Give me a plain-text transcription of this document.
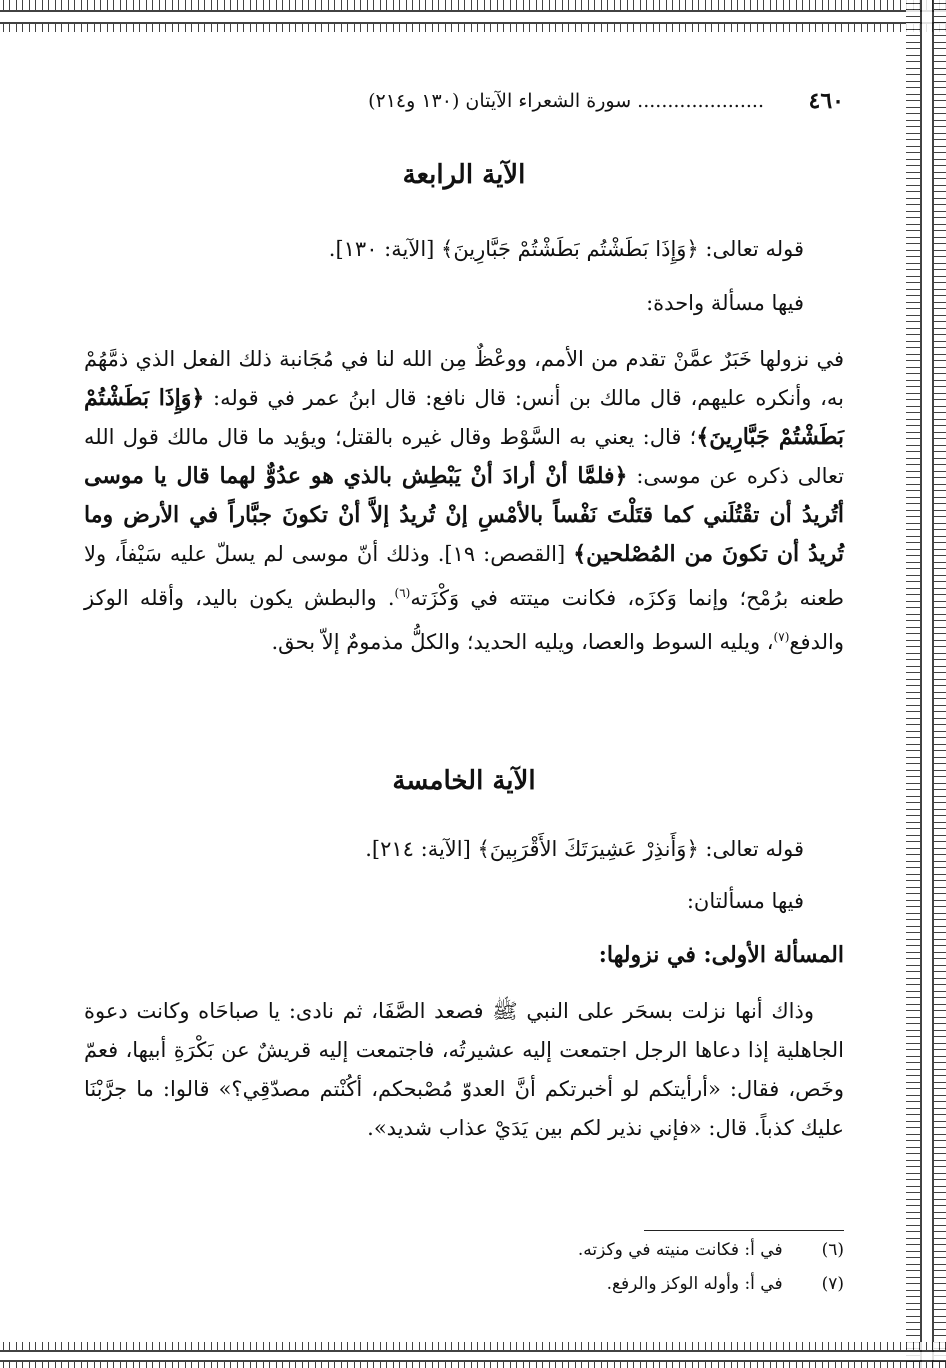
٤٦٠
..................... سورة الشعراء الآيتان (١٣٠ و٢١٤)
الآية الرابعة
قوله تعالى: ﴿وَإِذَا بَطَشْتُم بَطَشْتُمْ جَبَّارِينَ﴾ [الآية: ١٣٠].
فيها مسألة واحدة:
في نزولها خَبَرٌ عمَّنْ تقدم من الأمم، ووعْظٌ مِن الله لنا في مُجَانبة ذلك الفعل الذي ذمَّهُمْ به، وأنكره عليهم، قال مالك بن أنس: قال نافع: قال ابنُ عمر في قوله: ﴿وَإِذَا بَطَشْتُمْ بَطَشْتُمْ جَبَّارِينَ﴾؛ قال: يعني به السَّوْط وقال غيره بالقتل؛ ويؤيد ما قال مالك قول الله تعالى ذكره عن موسى: ﴿فلمَّا أنْ أرادَ أنْ يَبْطِش بالذي هو عدُوٌّ لهما قال يا موسى أتُريدُ أن تقْتُلَني كما قتَلْتَ نَفْساً بالأمْسِ إنْ تُريدُ إلاَّ أنْ تكونَ جبَّاراً في الأرض وما تُريدُ أن تكونَ من المُصْلحين﴾ [القصص: ١٩]. وذلك أنّ موسى لم يسلّ عليه سَيْفاً، ولا طعنه برُمْح؛ وإنما وَكزَه، فكانت ميتته في وَكْزَته$^{(٦)}$. والبطش يكون باليد، وأقله الوكز والدفع$^{(٧)}$، ويليه السوط والعصا، ويليه الحديد؛ والكلُّ مذمومٌ إلاّ بحق.
الآية الخامسة
قوله تعالى: ﴿وَأَنذِرْ عَشِيرَتَكَ الأَقْرَبِينَ﴾ [الآية: ٢١٤].
فيها مسألتان:
المسألة الأولى: في نزولها:
وذاك أنها نزلت بسحَر على النبي ﷺ فصعد الصَّفَا، ثم نادى: يا صباحَاه وكانت دعوة الجاهلية إذا دعاها الرجل اجتمعت إليه عشيرتُه، فاجتمعت إليه قريشٌ عن بَكْرَةِ أبيها، فعمّ وخَص، فقال: «أرأيتكم لو أخبرتكم أنَّ العدوّ مُصْبحكم، أكُنْتم مصدّقِي؟» قالوا: ما جرَّبْنَا عليك كذباً. قال: «فإني نذير لكم بين يَدَيْ عذاب شديد».
(٦) في أ: فكانت منيته في وكزته.
(٧) في أ: وأوله الوكز والرفع.
